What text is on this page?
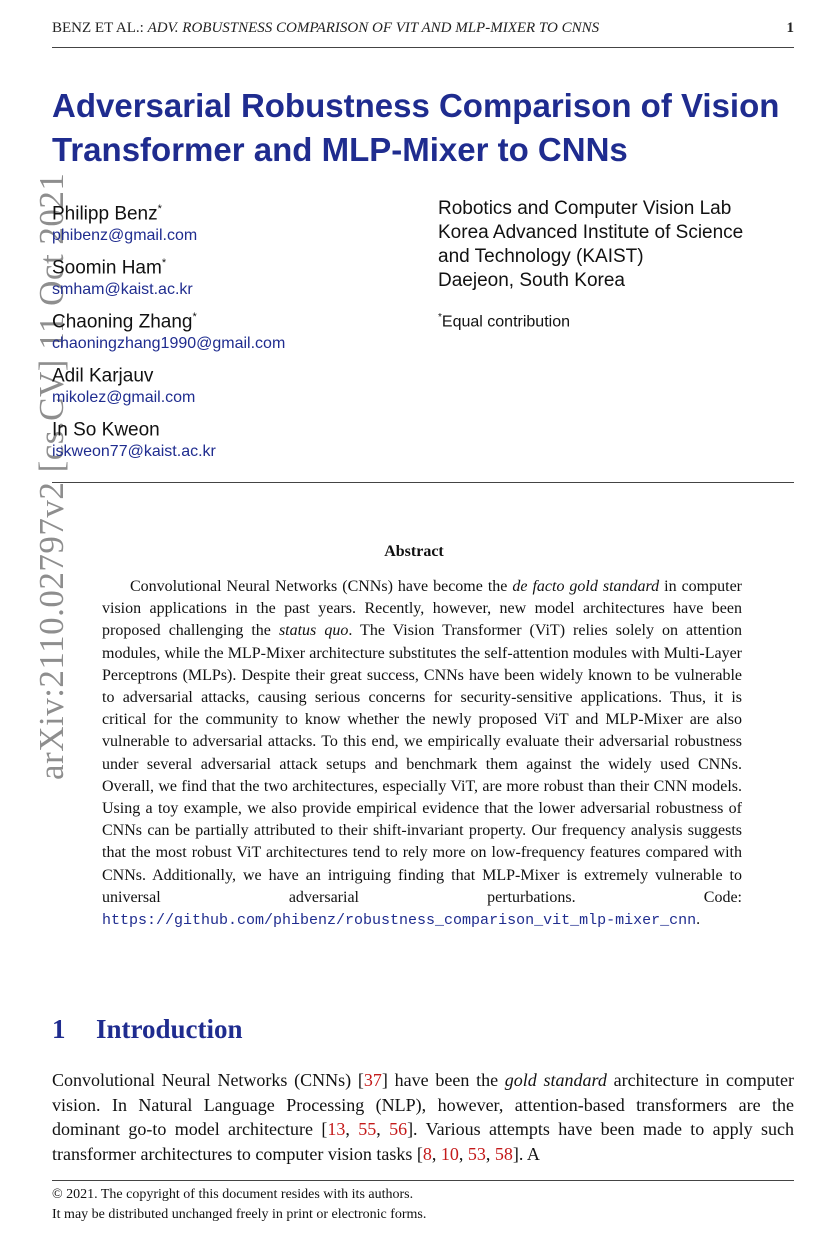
BENZ ET AL.: ADV. ROBUSTNESS COMPARISON OF VIT AND MLP-MIXER TO CNNS	1
arXiv:2110.02797v2 [cs.CV] 11 Oct 2021
Adversarial Robustness Comparison of Vision Transformer and MLP-Mixer to CNNs
Philipp Benz*
phibenz@gmail.com
Soomin Ham*
smham@kaist.ac.kr
Chaoning Zhang*
chaoningzhang1990@gmail.com
Adil Karjauv
mikolez@gmail.com
In So Kweon
iskweon77@kaist.ac.kr
Robotics and Computer Vision Lab
Korea Advanced Institute of Science
and Technology (KAIST)
Daejeon, South Korea
*Equal contribution
Abstract
Convolutional Neural Networks (CNNs) have become the de facto gold standard in computer vision applications in the past years. Recently, however, new model architectures have been proposed challenging the status quo. The Vision Transformer (ViT) relies solely on attention modules, while the MLP-Mixer architecture substitutes the self-attention modules with Multi-Layer Perceptrons (MLPs). Despite their great success, CNNs have been widely known to be vulnerable to adversarial attacks, causing serious concerns for security-sensitive applications. Thus, it is critical for the community to know whether the newly proposed ViT and MLP-Mixer are also vulnerable to adversarial attacks. To this end, we empirically evaluate their adversarial robustness under several adversarial attack setups and benchmark them against the widely used CNNs. Overall, we find that the two architectures, especially ViT, are more robust than their CNN models. Using a toy example, we also provide empirical evidence that the lower adversarial robustness of CNNs can be partially attributed to their shift-invariant property. Our frequency analysis suggests that the most robust ViT architectures tend to rely more on low-frequency features compared with CNNs. Additionally, we have an intriguing finding that MLP-Mixer is extremely vulnerable to universal adversarial perturbations. Code: https://github.com/phibenz/robustness_comparison_vit_mlp-mixer_cnn.
1 Introduction
Convolutional Neural Networks (CNNs) [37] have been the gold standard architecture in computer vision. In Natural Language Processing (NLP), however, attention-based transformers are the dominant go-to model architecture [13, 55, 56]. Various attempts have been made to apply such transformer architectures to computer vision tasks [8, 10, 53, 58]. A
© 2021. The copyright of this document resides with its authors.
It may be distributed unchanged freely in print or electronic forms.
